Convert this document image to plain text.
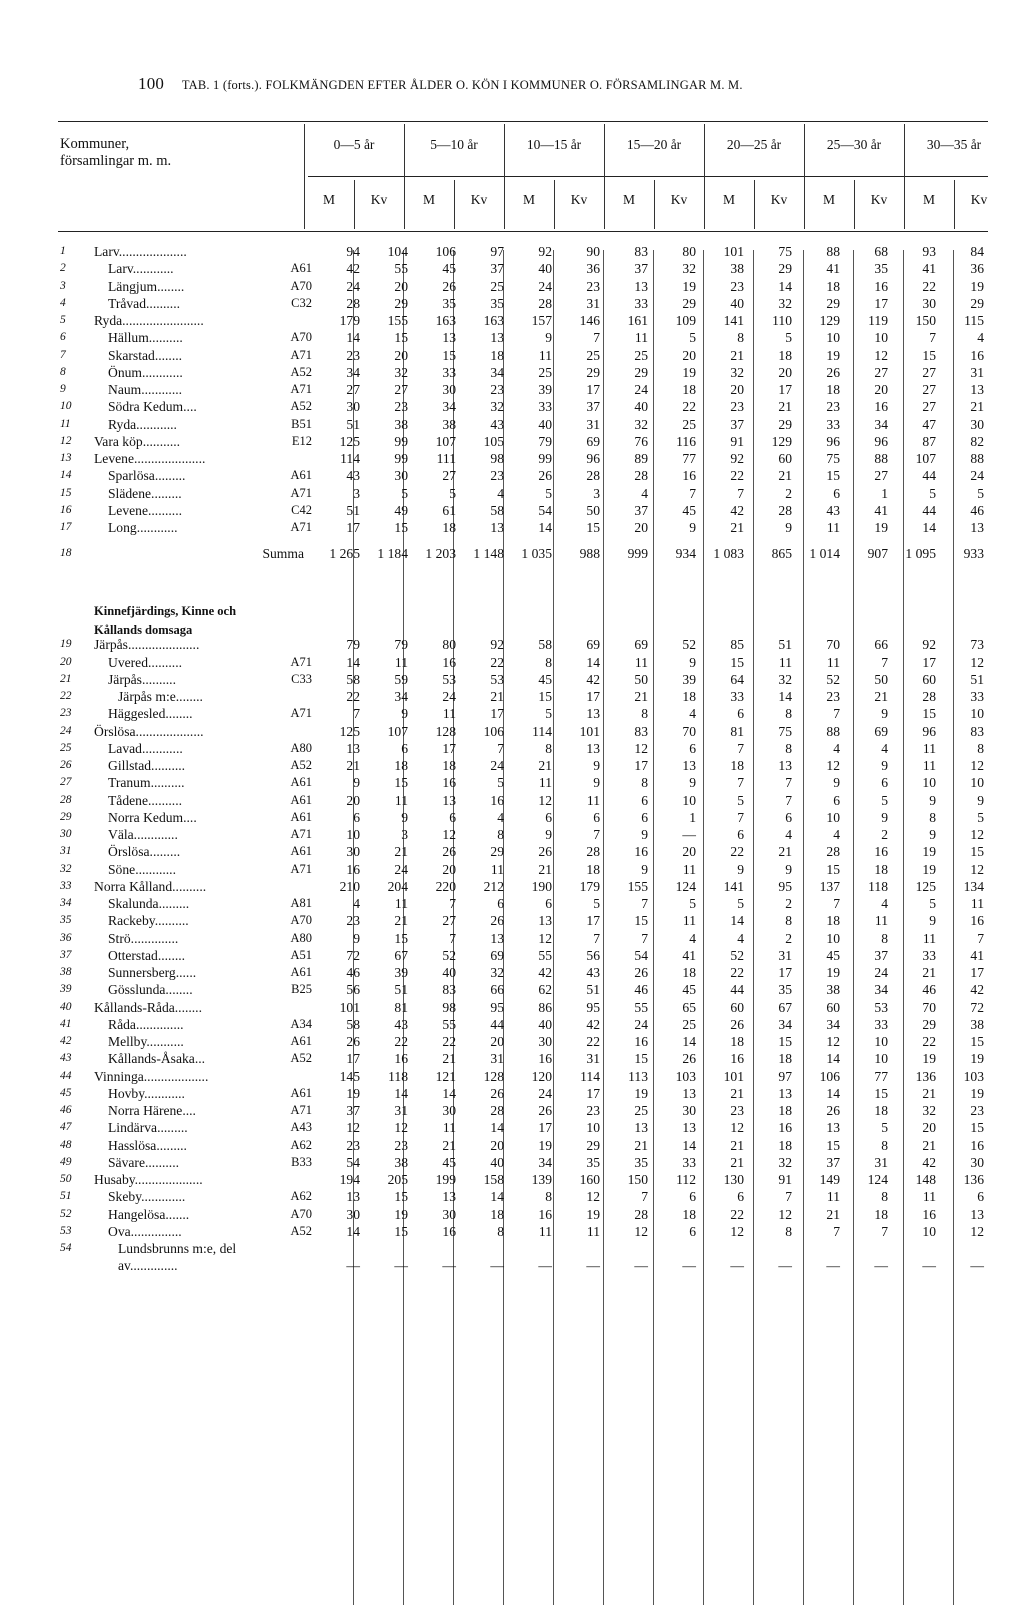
100 TAB. 1 (forts.). FOLKMÄNGDEN EFTER ÅLDER O. KÖN I KOMMUNER O. FÖRSAMLINGAR M. M.
Kommuner,
församlingar m. m.
0—5 år	5—10 år	10—15 år	15—20 år	20—25 år	25—30 år	30—35 år
M	Kv	M	Kv	M	Kv	M	Kv	M	Kv	M	Kv	M	Kv
Kinnefjärdings, Kinne och
Kållands domsaga
1	Larv....................	94	104	106	97	92	90	83	80	101	75	88	68	93	84
2	Larv............ A61	42	55	45	37	40	36	37	32	38	29	41	35	41	36
3	Längjum........ A70	24	20	26	25	24	23	13	19	23	14	18	16	22	19
4	Tråvad.......... C32	28	29	35	35	28	31	33	29	40	32	29	17	30	29
5	Ryda........................	179	155	163	163	157	146	161	109	141	110	129	119	150	115
6	Hällum.......... A70	14	15	13	13	9	7	11	5	8	5	10	10	7	4
7	Skarstad........ A71	23	20	15	18	11	25	25	20	21	18	19	12	15	16
8	Önum............ A52	34	32	33	34	25	29	29	19	32	20	26	27	27	31
9	Naum............ A71	27	27	30	23	39	17	24	18	20	17	18	20	27	13
10	Södra Kedum.... A52	30	23	34	32	33	37	40	22	23	21	23	16	27	21
11	Ryda............ B51	51	38	38	43	40	31	32	25	37	29	33	34	47	30
12	Vara köp........... E12	125	99	107	105	79	69	76	116	91	129	96	96	87	82
13	Levene.....................	114	99	111	98	99	96	89	77	92	60	75	88	107	88
14	Sparlösa......... A61	43	30	27	23	26	28	28	16	22	21	15	27	44	24
15	Slädene......... A71	3	5	5	4	5	3	4	7	7	2	6	1	5	5
16	Levene.......... C42	51	49	61	58	54	50	37	45	42	28	43	41	44	46
17	Long............ A71	17	15	18	13	14	15	20	9	21	9	11	19	14	13

18	Summa	1 265	1 184	1 203	1 148	1 035	988	999	934	1 083	865	1 014	907	1 095	933

19	Järpås.....................	79	79	80	92	58	69	69	52	85	51	70	66	92	73
20	Uvered.......... A71	14	11	16	22	8	14	11	9	15	11	11	7	17	12
21	Järpås.......... C33	58	59	53	53	45	42	50	39	64	32	52	50	60	51
22	Järpås m:e........	22	34	24	21	15	17	21	18	33	14	23	21	28	33
23	Häggesled........ A71	7	9	11	17	5	13	8	4	6	8	7	9	15	10
24	Örslösa....................	125	107	128	106	114	101	83	70	81	75	88	69	96	83
25	Lavad............ A80	13	6	17	7	8	13	12	6	7	8	4	4	11	8
26	Gillstad.......... A52	21	18	18	24	21	9	17	13	18	13	12	9	11	12
27	Tranum.......... A61	9	15	16	5	11	9	8	9	7	7	9	6	10	10
28	Tådene.......... A61	20	11	13	16	12	11	6	10	5	7	6	5	9	9
29	Norra Kedum.... A61	6	9	6	4	6	6	6	1	7	6	10	9	8	5
30	Väla............. A71	10	3	12	8	9	7	9	—	6	4	4	2	9	12
31	Örslösa......... A61	30	21	26	29	26	28	16	20	22	21	28	16	19	15
32	Söne............ A71	16	24	20	11	21	18	9	11	9	9	15	18	19	12
33	Norra Kålland..........	210	204	220	212	190	179	155	124	141	95	137	118	125	134
34	Skalunda......... A81	4	11	7	6	6	5	7	5	5	2	7	4	5	11
35	Rackeby.......... A70	23	21	27	26	13	17	15	11	14	8	18	11	9	16
36	Strö.............. A80	9	15	7	13	12	7	7	4	4	2	10	8	11	7
37	Otterstad........ A51	72	67	52	69	55	56	54	41	52	31	45	37	33	41
38	Sunnersberg...... A61	46	39	40	32	42	43	26	18	22	17	19	24	21	17
39	Gösslunda........ B25	56	51	83	66	62	51	46	45	44	35	38	34	46	42
40	Kållands-Råda........	101	81	98	95	86	95	55	65	60	67	60	53	70	72
41	Råda.............. A34	58	43	55	44	40	42	24	25	26	34	34	33	29	38
42	Mellby........... A61	26	22	22	20	30	22	16	14	18	15	12	10	22	15
43	Kållands-Åsaka... A52	17	16	21	31	16	31	15	26	16	18	14	10	19	19
44	Vinninga...................	145	118	121	128	120	114	113	103	101	97	106	77	136	103
45	Hovby............ A61	19	14	14	26	24	17	19	13	21	13	14	15	21	19
46	Norra Härene.... A71	37	31	30	28	26	23	25	30	23	18	26	18	32	23
47	Lindärva......... A43	12	12	11	14	17	10	13	13	12	16	13	5	20	15
48	Hasslösa......... A62	23	23	21	20	19	29	21	14	21	18	15	8	21	16
49	Sävare.......... B33	54	38	45	40	34	35	35	33	21	32	37	31	42	30
50	Husaby....................	194	205	199	158	139	160	150	112	130	91	149	124	148	136
51	Skeby............. A62	13	15	13	14	8	12	7	6	6	7	11	8	11	6
52	Hangelösa....... A70	30	19	30	18	16	19	28	18	22	12	21	18	16	13
53	Ova............... A52	14	15	16	8	11	11	12	6	12	8	7	7	10	12
54	Lundsbrunns m:e, del														
	av..............	—	—	—	—	—	—	—	—	—	—	—	—	—	—
